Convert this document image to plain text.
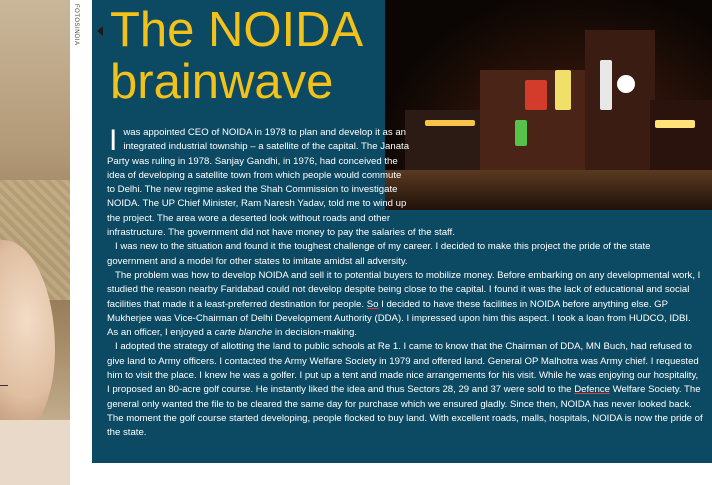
FOTOSINDIA The NOIDA
brainwave
I was appointed CEO of NOIDA in 1978 to plan and develop it as an integrated industrial township – a satellite of the capital. The Janata Party was ruling in 1978. Sanjay Gandhi, in 1976, had conceived the idea of developing a satellite town from which people would commute to Delhi. The new regime asked the Shah Commission to investigate NOIDA. The UP Chief Minister, Ram Naresh Yadav, told me to wind up the project. The area wore a deserted look without roads and other infrastructure. The government did not have money to pay the salaries of the staff.

I was new to the situation and found it the toughest challenge of my career. I decided to make this project the pride of the state government and a model for other states to imitate amidst all adversity.

The problem was how to develop NOIDA and sell it to potential buyers to mobilize money. Before embarking on any developmental work, I studied the reason nearby Faridabad could not develop despite being close to the capital. I found it was the lack of educational and social facilities that made it a least-preferred destination for people. So I decided to have these facilities in NOIDA before anything else. GP Mukherjee was Vice-Chairman of Delhi Development Authority (DDA). I impressed upon him this aspect. I took a loan from HUDCO, IDBI. As an officer, I enjoyed a carte blanche in decision-making.

I adopted the strategy of allotting the land to public schools at Re 1. I came to know that the Chairman of DDA, MN Buch, had refused to give land to Army officers. I contacted the Army Welfare Society in 1979 and offered land. General OP Malhotra was Army chief. I requested him to visit the place. I knew he was a golfer. I put up a tent and made nice arrangements for his visit. While he was enjoying our hospitality, I proposed an 80-acre golf course. He instantly liked the idea and thus Sectors 28, 29 and 37 were sold to the Defence Welfare Society. The general only wanted the file to be cleared the same day for purchase which we ensured gladly. Since then, NOIDA has never looked back. The moment the golf course started developing, people flocked to buy land. With excellent roads, malls, hospitals, NOIDA is now the pride of the state.
